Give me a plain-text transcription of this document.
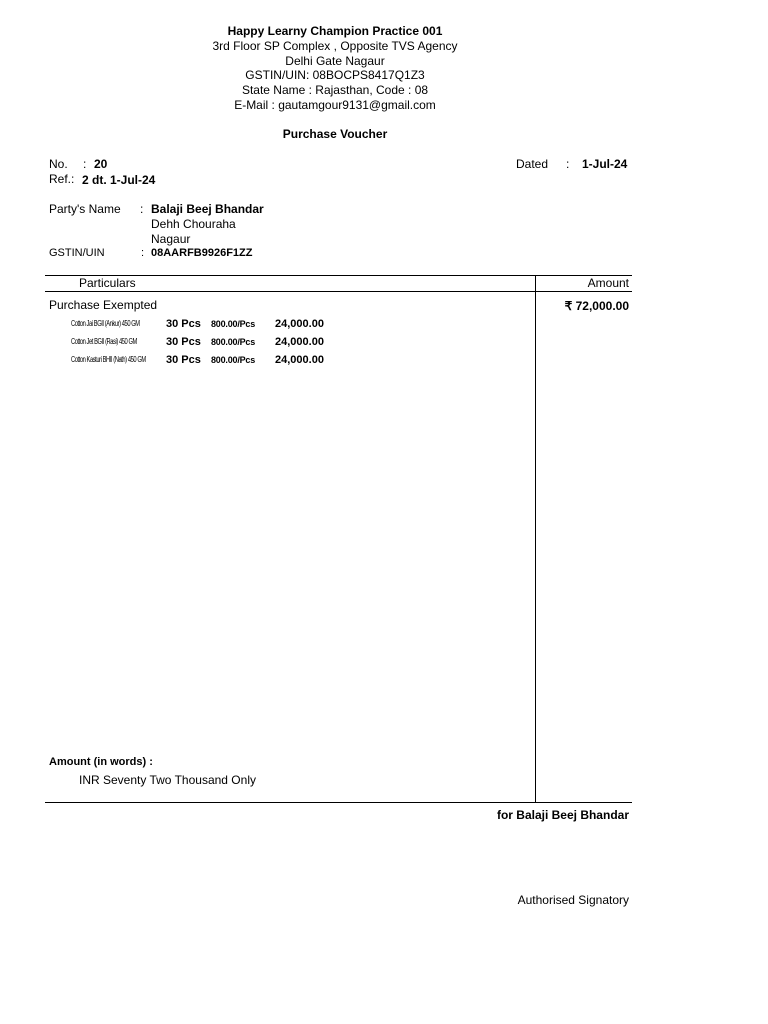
Happy Learny Champion Practice 001
3rd Floor SP Complex , Opposite TVS Agency
Delhi Gate Nagaur
GSTIN/UIN: 08BOCPS8417Q1Z3
State Name : Rajasthan, Code : 08
E-Mail : gautamgour9131@gmail.com
Purchase Voucher
No. : 20
Ref.: 2 dt. 1-Jul-24
Dated : 1-Jul-24
Party's Name : Balaji Beej Bhandar
Dehh Chouraha
Nagaur
GSTIN/UIN	: 08AARFB9926F1ZZ
Particulars	Amount
Purchase Exempted	₹ 72,000.00
Cotton Jai BGII (Ankur) 450 GM 30 Pcs 800.00/Pcs 24,000.00
Cotton Jet BGII (Rasi) 450 GM	30 Pcs 800.00/Pcs 24,000.00
Cotton Kasturi BHII (Nath) 450 GM 30 Pcs 800.00/Pcs 24,000.00
Amount (in words) :
INR Seventy Two Thousand Only
for Balaji Beej Bhandar
Authorised Signatory
